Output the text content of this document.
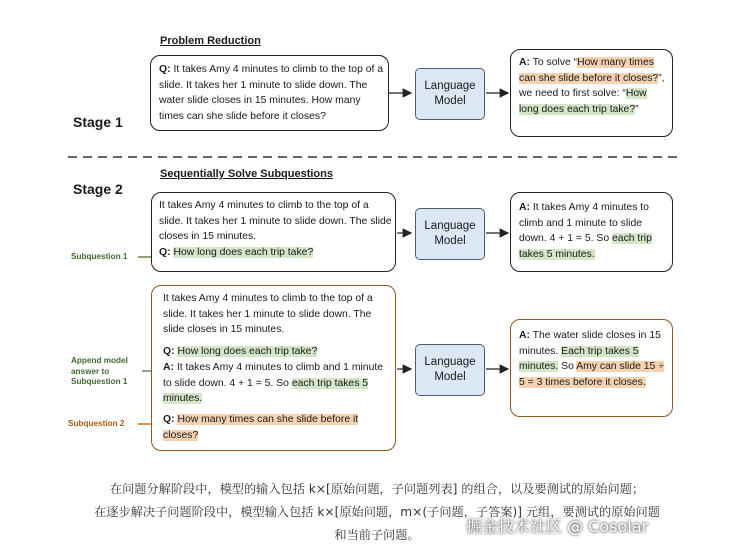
Stage 1
Problem Reduction
Stage 2
Sequentially Solve Subquestions
Q: It takes Amy 4 minutes to climb to the top of a slide. It takes her 1 minute to slide down. The water slide closes in 15 minutes. How many times can she slide before it closes?
Language Model
A: To solve “How many times can she slide before it closes?”, we need to first solve: “How long does each trip take?”
Subquestion 1
It takes Amy 4 minutes to climb to the top of a slide. It takes her 1 minute to slide down. The slide closes in 15 minutes.
Q: How long does each trip take?
Language Model
A: It takes Amy 4 minutes to climb and 1 minute to slide down. 4 + 1 = 5. So each trip takes 5 minutes.
Append model answer to Subquestion 1
Subquestion 2
It takes Amy 4 minutes to climb to the top of a slide. It takes her 1 minute to slide down. The slide closes in 15 minutes.
Q: How long does each trip take?
A: It takes Amy 4 minutes to climb and 1 minute to slide down. 4 + 1 = 5. So each trip takes 5 minutes.
Q: How many times can she slide before it closes?
Language Model
A: The water slide closes in 15 minutes. Each trip takes 5 minutes. So Amy can slide 15 ÷ 5 = 3 times before it closes.
在问题分解阶段中，模型的输入包括 k×[原始问题，子问题列表] 的组合，以及要测试的原始问题；
在逐步解决子问题阶段中，模型输入包括 k×[原始问题，m×(子问题，子答案)] 元组，要测试的原始问题
和当前子问题。	掘金技术社区 @ Cosolar
